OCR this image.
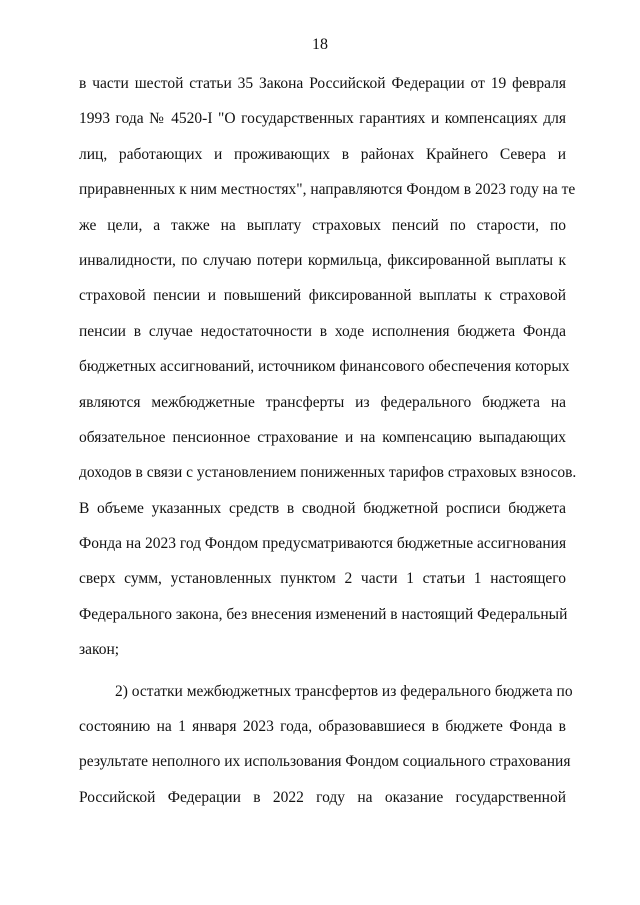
18
в части шестой статьи 35 Закона Российской Федерации от 19 февраля
1993 года № 4520-I "О государственных гарантиях и компенсациях для
лиц, работающих и проживающих в районах Крайнего Севера и
приравненных к ним местностях", направляются Фондом в 2023 году на те
же цели, а также на выплату страховых пенсий по старости, по
инвалидности, по случаю потери кормильца, фиксированной выплаты к
страховой пенсии и повышений фиксированной выплаты к страховой
пенсии в случае недостаточности в ходе исполнения бюджета Фонда
бюджетных ассигнований, источником финансового обеспечения которых
являются межбюджетные трансферты из федерального бюджета на
обязательное пенсионное страхование и на компенсацию выпадающих
доходов в связи с установлением пониженных тарифов страховых взносов.
В объеме указанных средств в сводной бюджетной росписи бюджета
Фонда на 2023 год Фондом предусматриваются бюджетные ассигнования
сверх сумм, установленных пунктом 2 части 1 статьи 1 настоящего
Федерального закона, без внесения изменений в настоящий Федеральный
закон;
2) остатки межбюджетных трансфертов из федерального бюджета по
состоянию на 1 января 2023 года, образовавшиеся в бюджете Фонда в
результате неполного их использования Фондом социального страхования
Российской Федерации в 2022 году на оказание государственной
